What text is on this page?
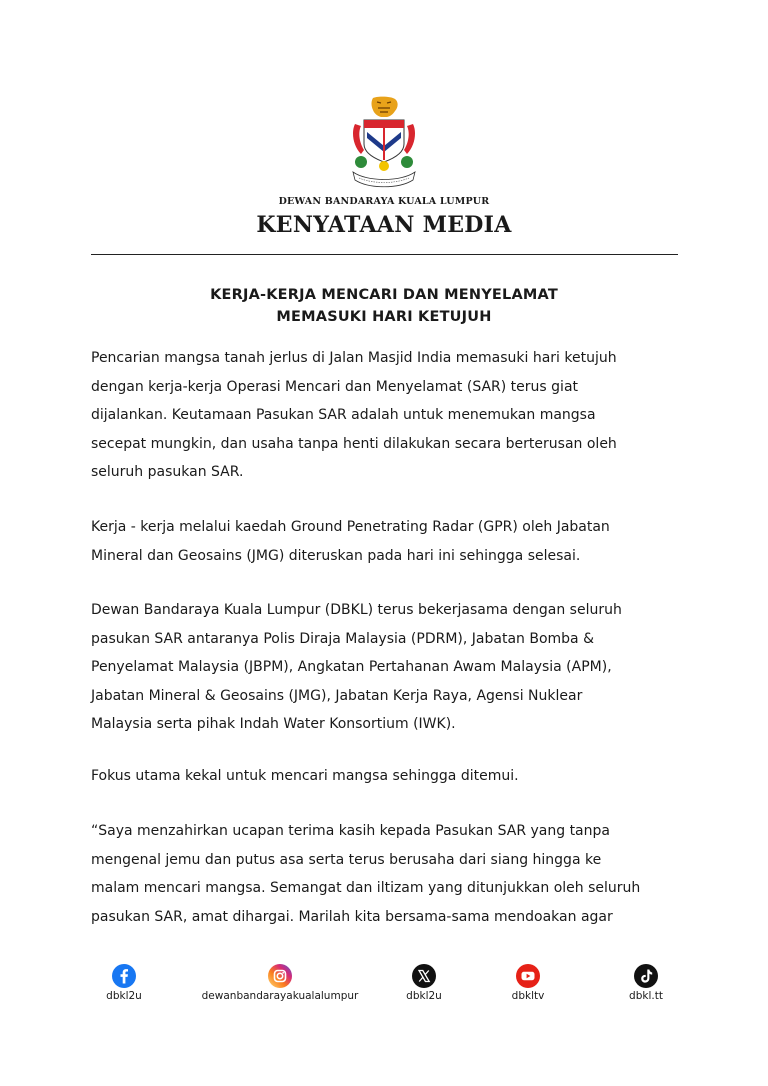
DEWAN BANDARAYA KUALA LUMPUR
KENYATAAN MEDIA
KERJA-KERJA MENCARI DAN MENYELAMAT
MEMASUKI HARI KETUJUH
Pencarian mangsa tanah jerlus di Jalan Masjid India memasuki hari ketujuh
dengan kerja-kerja Operasi Mencari dan Menyelamat (SAR) terus giat
dijalankan. Keutamaan Pasukan SAR adalah untuk menemukan mangsa
secepat mungkin, dan usaha tanpa henti dilakukan secara berterusan oleh
seluruh pasukan SAR.
Kerja - kerja melalui kaedah Ground Penetrating Radar (GPR) oleh Jabatan
Mineral dan Geosains (JMG) diteruskan pada hari ini sehingga selesai.
Dewan Bandaraya Kuala Lumpur (DBKL) terus bekerjasama dengan seluruh
pasukan SAR antaranya Polis Diraja Malaysia (PDRM), Jabatan Bomba &
Penyelamat Malaysia (JBPM), Angkatan Pertahanan Awam Malaysia (APM),
Jabatan Mineral & Geosains (JMG), Jabatan Kerja Raya, Agensi Nuklear
Malaysia serta pihak Indah Water Konsortium (IWK).
Fokus utama kekal untuk mencari mangsa sehingga ditemui.
“Saya menzahirkan ucapan terima kasih kepada Pasukan SAR yang tanpa
mengenal jemu dan putus asa serta terus berusaha dari siang hingga ke
malam mencari mangsa. Semangat dan iltizam yang ditunjukkan oleh seluruh
pasukan SAR, amat dihargai. Marilah kita bersama-sama mendoakan agar
dbkl2u	dewanbandarayakualalumpur	dbkl2u	dbkltv	dbkl.tt
